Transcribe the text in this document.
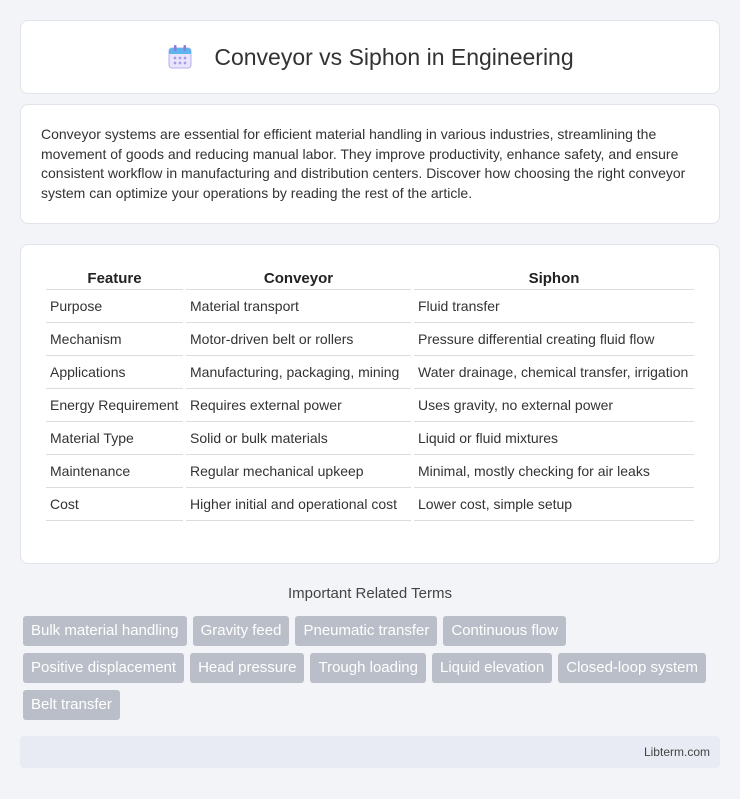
Conveyor vs Siphon in Engineering

Conveyor systems are essential for efficient material handling in various industries, streamlining the movement of goods and reducing manual labor. They improve productivity, enhance safety, and ensure consistent workflow in manufacturing and distribution centers. Discover how choosing the right conveyor system can optimize your operations by reading the rest of the article.

Feature	Conveyor	Siphon
Purpose	Material transport	Fluid transfer
Mechanism	Motor-driven belt or rollers	Pressure differential creating fluid flow
Applications	Manufacturing, packaging, mining	Water drainage, chemical transfer, irrigation
Energy Requirement	Requires external power	Uses gravity, no external power
Material Type	Solid or bulk materials	Liquid or fluid mixtures
Maintenance	Regular mechanical upkeep	Minimal, mostly checking for air leaks
Cost	Higher initial and operational cost	Lower cost, simple setup
Important Related Terms
Bulk material handling	Gravity feed	Pneumatic transfer	Continuous flow
Positive displacement	Head pressure	Trough loading	Liquid elevation	Closed-loop system
Belt transfer
Libterm.com
